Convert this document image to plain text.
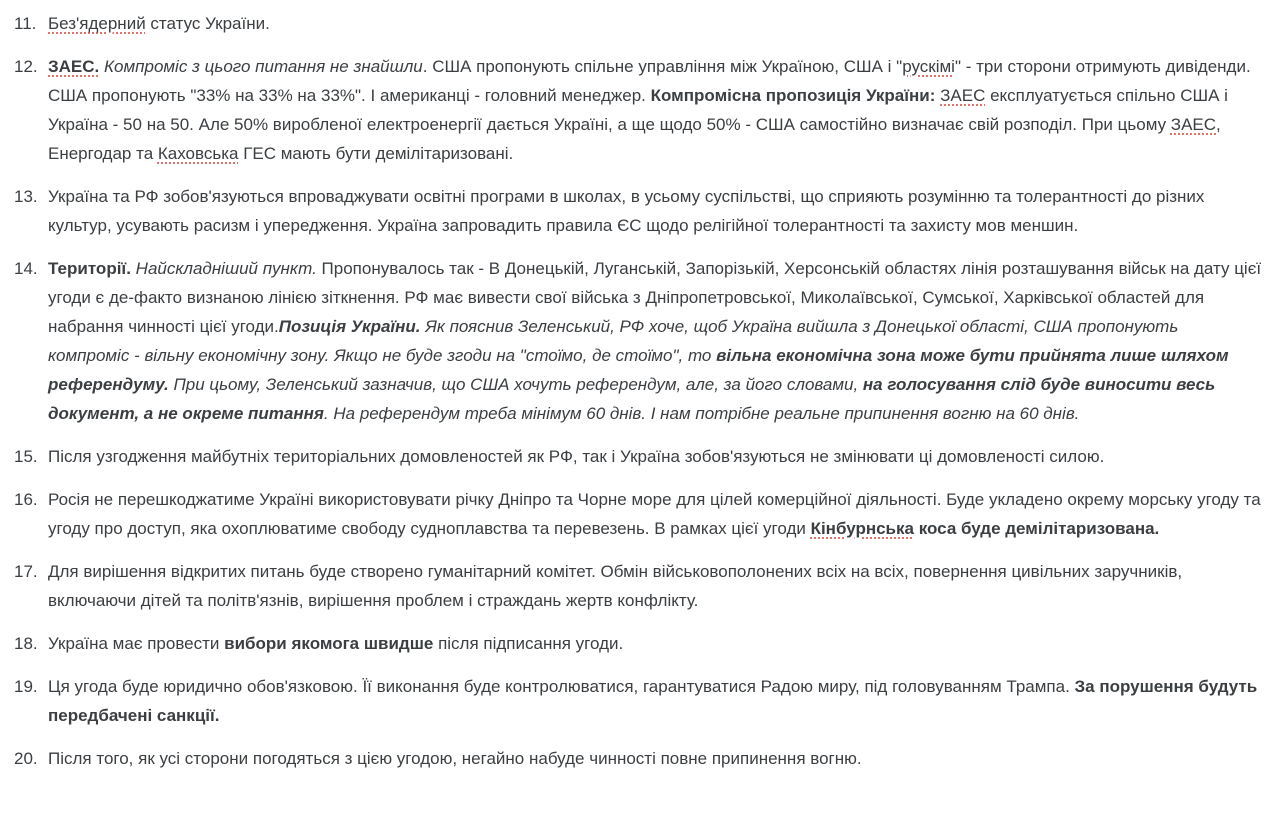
11. Без'ядерний статус України.
12. ЗАЕС. Компроміс з цього питання не знайшли. США пропонують спільне управління між Україною, США і "рускімі" - три сторони отримують дивіденди. США пропонують "33% на 33% на 33%". І американці - головний менеджер. Компромісна пропозиція України: ЗАЕС експлуатується спільно США і Україна - 50 на 50. Але 50% виробленої електроенергії дається Україні, а ще щодо 50% - США самостійно визначає свій розподіл. При цьому ЗАЕС, Енергодар та Каховська ГЕС мають бути демілітаризовані.
13. Україна та РФ зобов'язуються впроваджувати освітні програми в школах, в усьому суспільстві, що сприяють розумінню та толерантності до різних культур, усувають расизм і упередження. Україна запровадить правила ЄС щодо релігійної толерантності та захисту мов меншин.
14. Території. Найскладніший пункт. Пропонувалось так - В Донецькій, Луганській, Запорізькій, Херсонській областях лінія розташування військ на дату цієї угоди є де-факто визнаною лінією зіткнення. РФ має вивести свої війська з Дніпропетровської, Миколаївської, Сумської, Харківської областей для набрання чинності цієї угоди.Позиція України. Як пояснив Зеленський, РФ хоче, щоб Україна вийшла з Донецької області, США пропонують компроміс - вільну економічну зону. Якщо не буде згоди на "стоїмо, де стоїмо", то вільна економічна зона може бути прийнята лише шляхом референдуму. При цьому, Зеленський зазначив, що США хочуть референдум, але, за його словами, на голосування слід буде виносити весь документ, а не окреме питання. На референдум треба мінімум 60 днів. І нам потрібне реальне припинення вогню на 60 днів.
15. Після узгодження майбутніх територіальних домовленостей як РФ, так і Україна зобов'язуються не змінювати ці домовленості силою.
16. Росія не перешкоджатиме Україні використовувати річку Дніпро та Чорне море для цілей комерційної діяльності. Буде укладено окрему морську угоду та угоду про доступ, яка охоплюватиме свободу судноплавства та перевезень. В рамках цієї угоди Кінбурнська коса буде демілітаризована.
17. Для вирішення відкритих питань буде створено гуманітарний комітет. Обмін військовополонених всіх на всіх, повернення цивільних заручників, включаючи дітей та політв'язнів, вирішення проблем і страждань жертв конфлікту.
18. Україна має провести вибори якомога швидше після підписання угоди.
19. Ця угода буде юридично обов'язковою. Її виконання буде контролюватися, гарантуватися Радою миру, під головуванням Трампа. За порушення будуть передбачені санкції.
20. Після того, як усі сторони погодяться з цією угодою, негайно набуде чинності повне припинення вогню.
